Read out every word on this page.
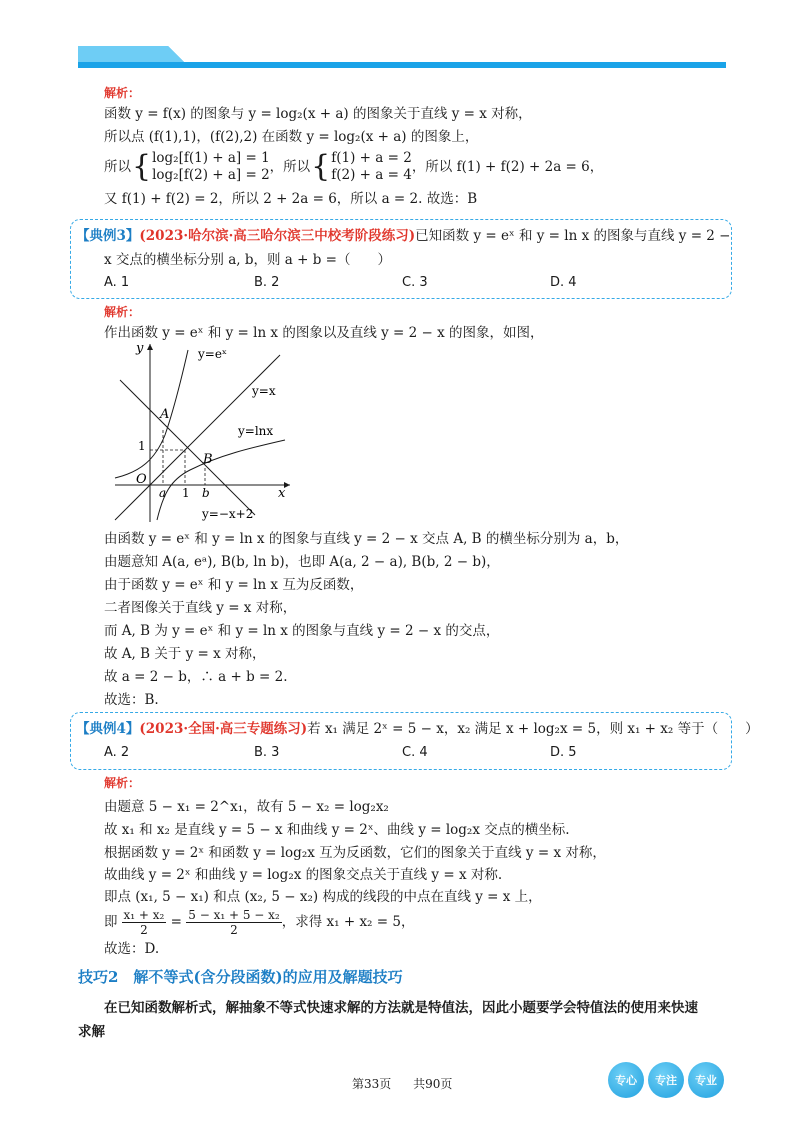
解析：
函数 y = f(x) 的图象与 y = log₂(x + a) 的图象关于直线 y = x 对称，
所以点 (f(1),1)，(f(2),2) 在函数 y = log₂(x + a) 的图象上，
所以 { log₂[f(1) + a] = 1
log₂[f(2) + a] = 2 ，所以 { f(1) + a = 2
f(2) + a = 4 ，所以 f(1) + f(2) + 2a = 6，
又 f(1) + f(2) = 2，所以 2 + 2a = 6，所以 a = 2. 故选：B
【典例3】(2023·哈尔滨·高三哈尔滨三中校考阶段练习)已知函数 y = eˣ 和 y = ln x 的图象与直线 y = 2 −
x 交点的横坐标分别 a, b，则 a + b =（　　）
A. 1	B. 2	C. 3	D. 4
解析：
作出函数 y = eˣ 和 y = ln x 的图象以及直线 y = 2 − x 的图象，如图，
y
x
O
y=eˣ
y=x
y=lnx
y=−x+2
A
B
1
a 1 b
由函数 y = eˣ 和 y = ln x 的图象与直线 y = 2 − x 交点 A, B 的横坐标分别为 a，b，
由题意知 A(a, eᵃ), B(b, ln b)，也即 A(a, 2 − a), B(b, 2 − b)，
由于函数 y = eˣ 和 y = ln x 互为反函数，
二者图像关于直线 y = x 对称，
而 A, B 为 y = eˣ 和 y = ln x 的图象与直线 y = 2 − x 的交点，
故 A, B 关于 y = x 对称，
故 a = 2 − b，∴ a + b = 2.
故选：B.
【典例4】(2023·全国·高三专题练习)若 x₁ 满足 2ˣ = 5 − x，x₂ 满足 x + log₂x = 5，则 x₁ + x₂ 等于（　　）
A. 2	B. 3	C. 4	D. 5
解析：
由题意 5 − x₁ = 2^x₁，故有 5 − x₂ = log₂x₂
故 x₁ 和 x₂ 是直线 y = 5 − x 和曲线 y = 2ˣ、曲线 y = log₂x 交点的横坐标.
根据函数 y = 2ˣ 和函数 y = log₂x 互为反函数，它们的图象关于直线 y = x 对称，
故曲线 y = 2ˣ 和曲线 y = log₂x 的图象交点关于直线 y = x 对称.
即点 (x₁, 5 − x₁) 和点 (x₂, 5 − x₂) 构成的线段的中点在直线 y = x 上，
即 $\frac{\text{x₁ + x₂}}{2} = \frac{\text{5 − x₁ + 5 − x₂}}{2}$ ，求得 x₁ + x₂ = 5，
故选：D.
技巧2　解不等式(含分段函数)的应用及解题技巧
在已知函数解析式，解抽象不等式快速求解的方法就是特值法，因此小题要学会特值法的使用来快速
求解
第33页 共90页	专心	专注	专业
